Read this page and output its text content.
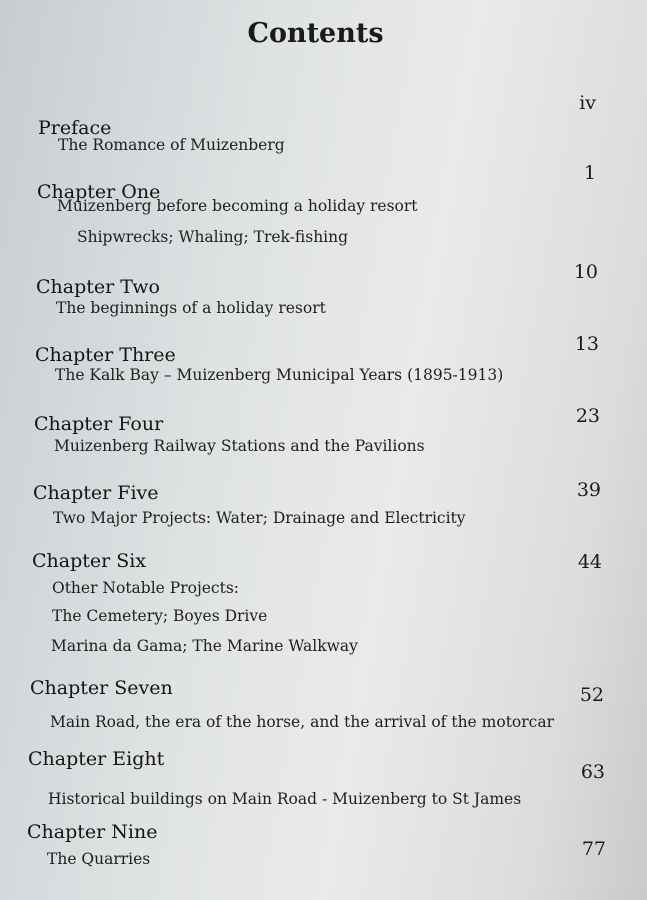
Contents
Preface
The Romance of Muizenberg
iv
Chapter One
Muizenberg before becoming a holiday resort
Shipwrecks; Whaling; Trek-fishing
1
Chapter Two
The beginnings of a holiday resort
10
Chapter Three
The Kalk Bay – Muizenberg Municipal Years (1895-1913)
13
Chapter Four
Muizenberg Railway Stations and the Pavilions
23
Chapter Five
Two Major Projects: Water; Drainage and Electricity
39
Chapter Six
Other Notable Projects:
The Cemetery; Boyes Drive
Marina da Gama; The Marine Walkway
44
Chapter Seven
Main Road, the era of the horse, and the arrival of the motorcar
52
Chapter Eight
Historical buildings on Main Road - Muizenberg to St James
63
Chapter Nine
The Quarries	77
